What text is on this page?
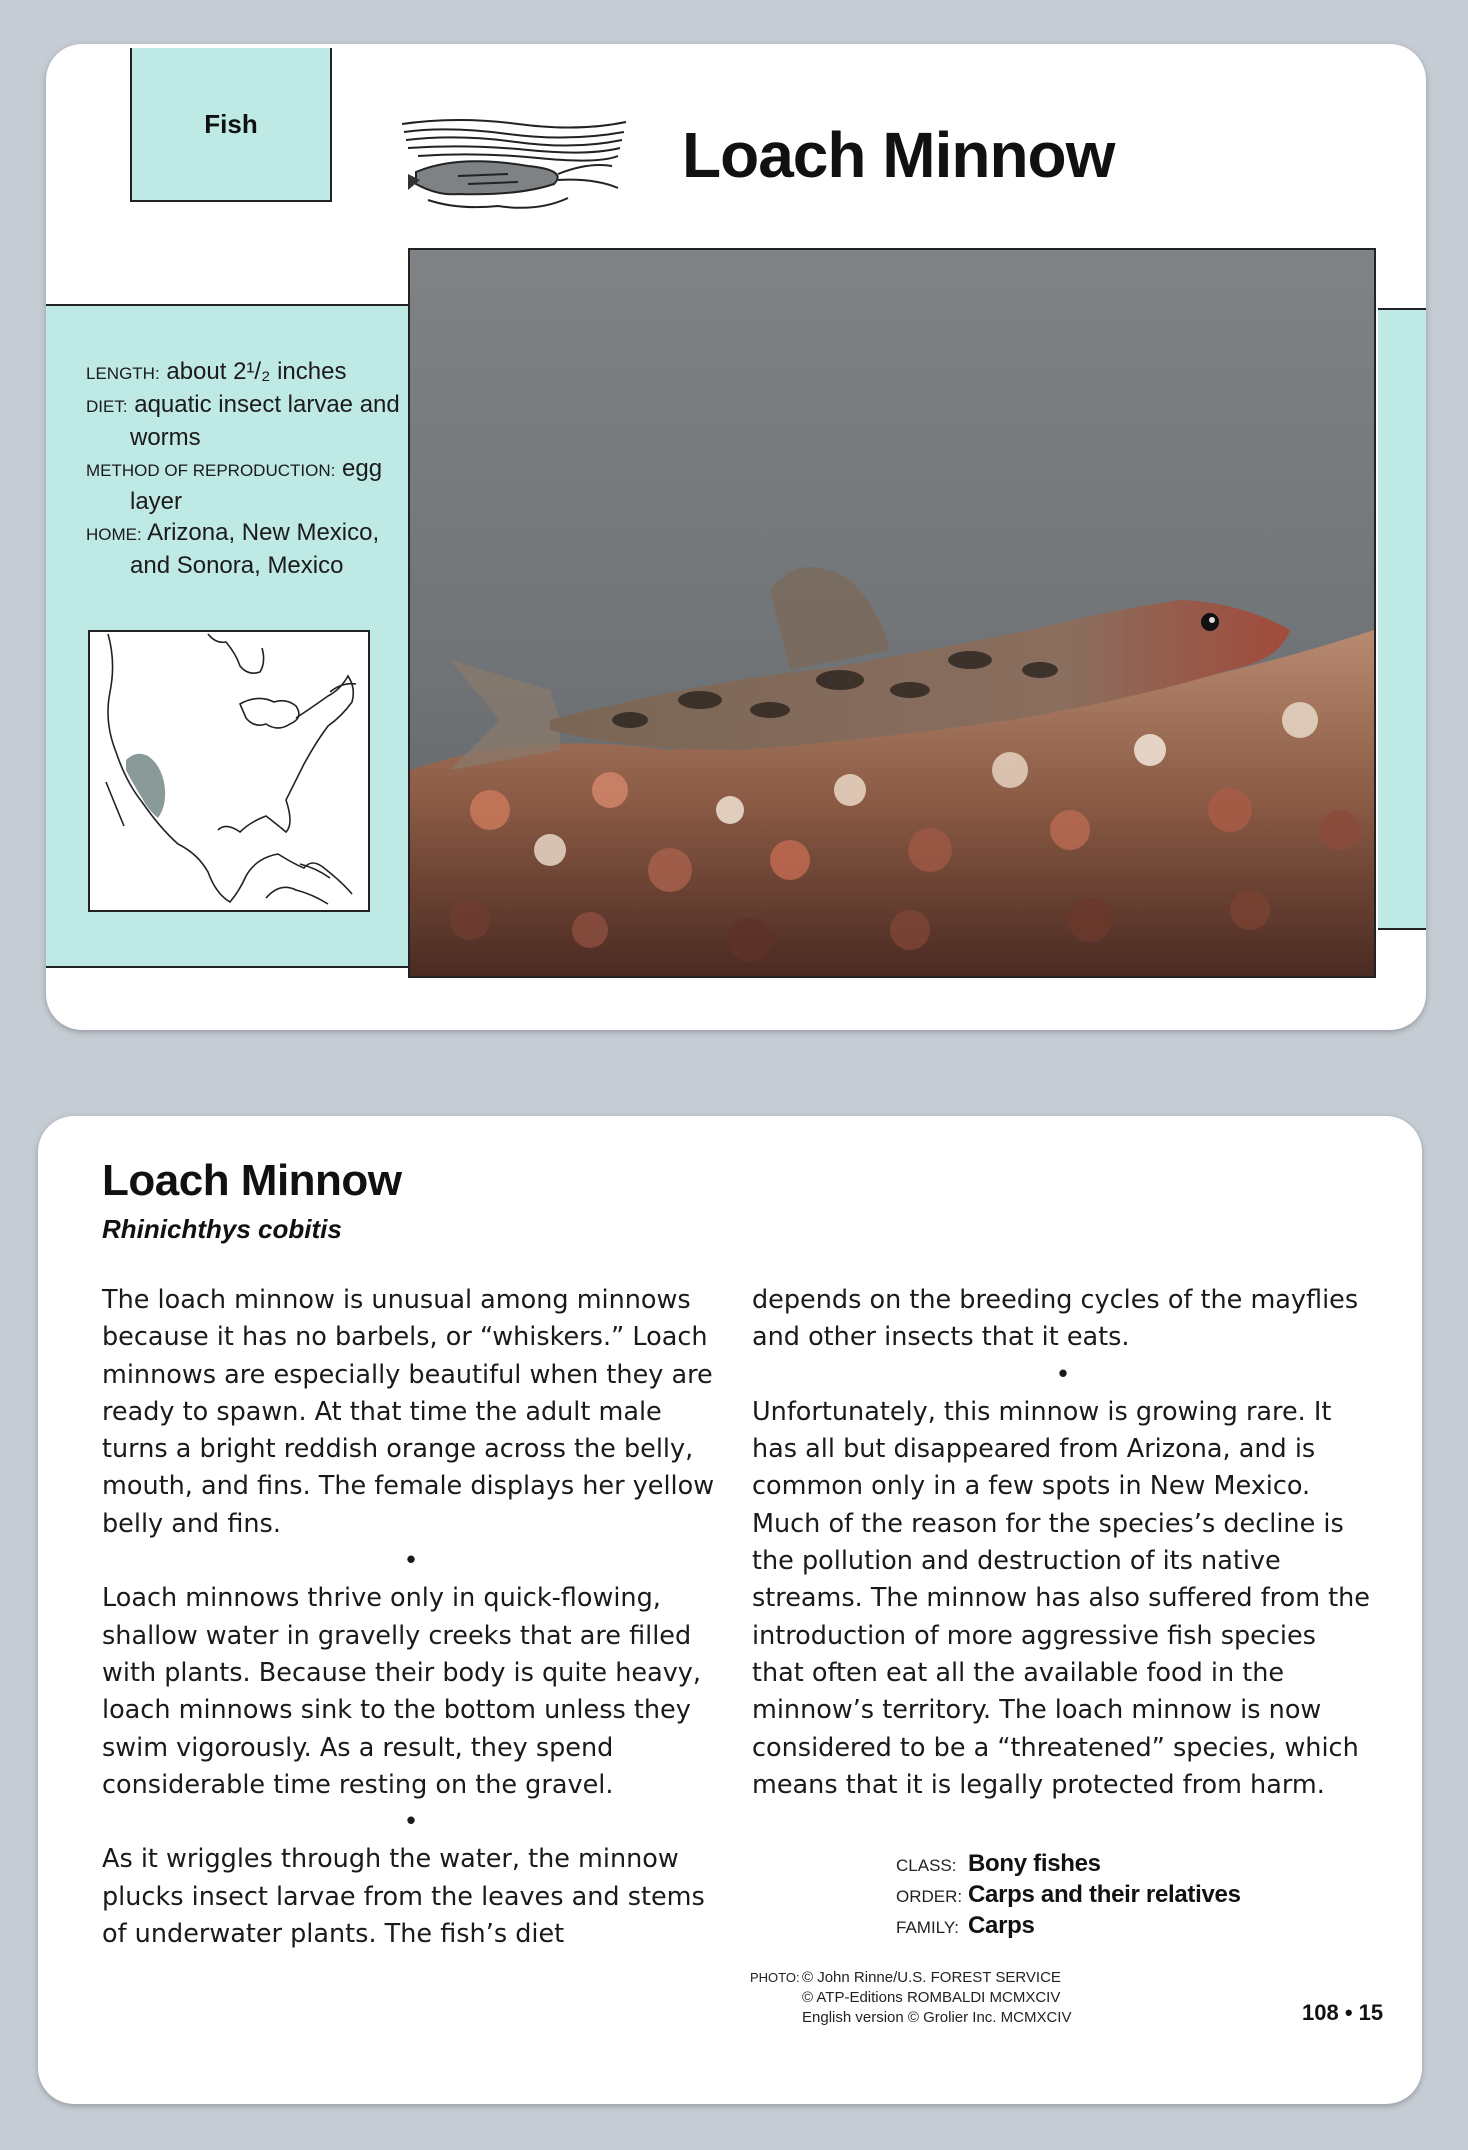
Fish	Loach Minnow
LENGTH: about 2¹/₂ inches
DIET: aquatic insect larvae and worms
METHOD OF REPRODUCTION: egg layer
HOME: Arizona, New Mexico, and Sonora, Mexico
Loach Minnow
Rhinichthys cobitis

The loach minnow is unusual among minnows because it has no barbels, or “whiskers.” Loach minnows are especially beautiful when they are ready to spawn. At that time the adult male turns a bright reddish orange across the belly, mouth, and fins. The female displays her yellow belly and fins.

•

Loach minnows thrive only in quick-flowing, shallow water in gravelly creeks that are filled with plants. Because their body is quite heavy, loach minnows sink to the bottom unless they swim vigorously. As a result, they spend considerable time resting on the gravel.

•

As it wriggles through the water, the minnow plucks insect larvae from the leaves and stems of underwater plants. The fish’s diet

depends on the breeding cycles of the mayflies and other insects that it eats.

•

Unfortunately, this minnow is growing rare. It has all but disappeared from Arizona, and is common only in a few spots in New Mexico. Much of the reason for the species’s decline is the pollution and destruction of its native streams. The minnow has also suffered from the introduction of more aggressive fish species that often eat all the available food in the minnow’s territory. The loach minnow is now considered to be a “threatened” species, which means that it is legally protected from harm.

CLASS: Bony fishes
ORDER: Carps and their relatives
FAMILY: Carps
PHOTO: © John Rinne/U.S. FOREST SERVICE
© ATP-Editions ROMBALDI MCMXCIV
English version © Grolier Inc. MCMXCIV	108 • 15
